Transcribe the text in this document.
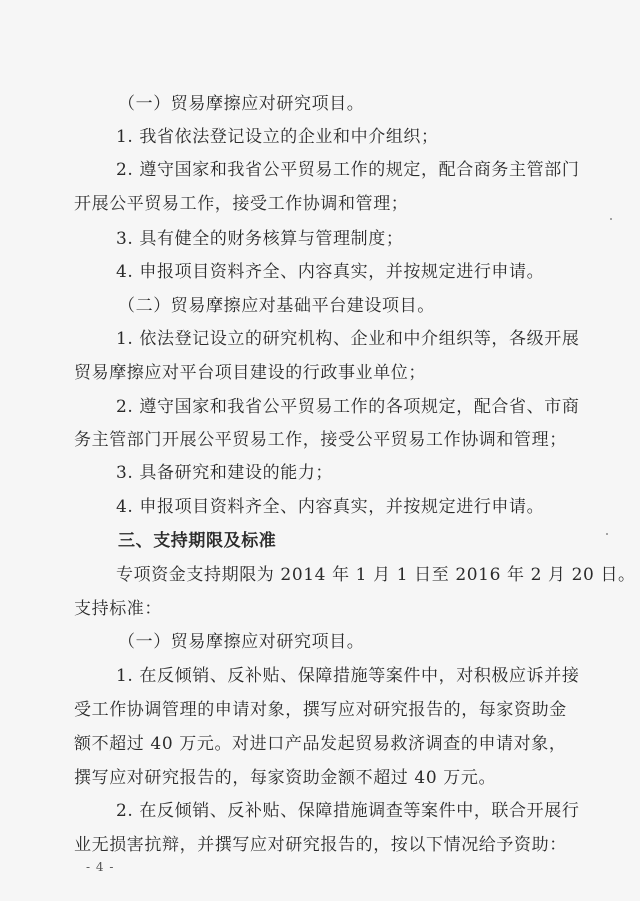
（一）贸易摩擦应对研究项目。
1. 我省依法登记设立的企业和中介组织；
2. 遵守国家和我省公平贸易工作的规定，配合商务主管部门
开展公平贸易工作，接受工作协调和管理；
3. 具有健全的财务核算与管理制度；
4. 申报项目资料齐全、内容真实，并按规定进行申请。
（二）贸易摩擦应对基础平台建设项目。
1. 依法登记设立的研究机构、企业和中介组织等，各级开展
贸易摩擦应对平台项目建设的行政事业单位；
2. 遵守国家和我省公平贸易工作的各项规定，配合省、市商
务主管部门开展公平贸易工作，接受公平贸易工作协调和管理；
3. 具备研究和建设的能力；
4. 申报项目资料齐全、内容真实，并按规定进行申请。
三、支持期限及标准
专项资金支持期限为 2014 年 1 月 1 日至 2016 年 2 月 20 日。
支持标准：
（一）贸易摩擦应对研究项目。
1. 在反倾销、反补贴、保障措施等案件中，对积极应诉并接
受工作协调管理的申请对象，撰写应对研究报告的，每家资助金
额不超过 40 万元。对进口产品发起贸易救济调查的申请对象，
撰写应对研究报告的，每家资助金额不超过 40 万元。
2. 在反倾销、反补贴、保障措施调查等案件中，联合开展行
业无损害抗辩，并撰写应对研究报告的，按以下情况给予资助：
- 4 -
